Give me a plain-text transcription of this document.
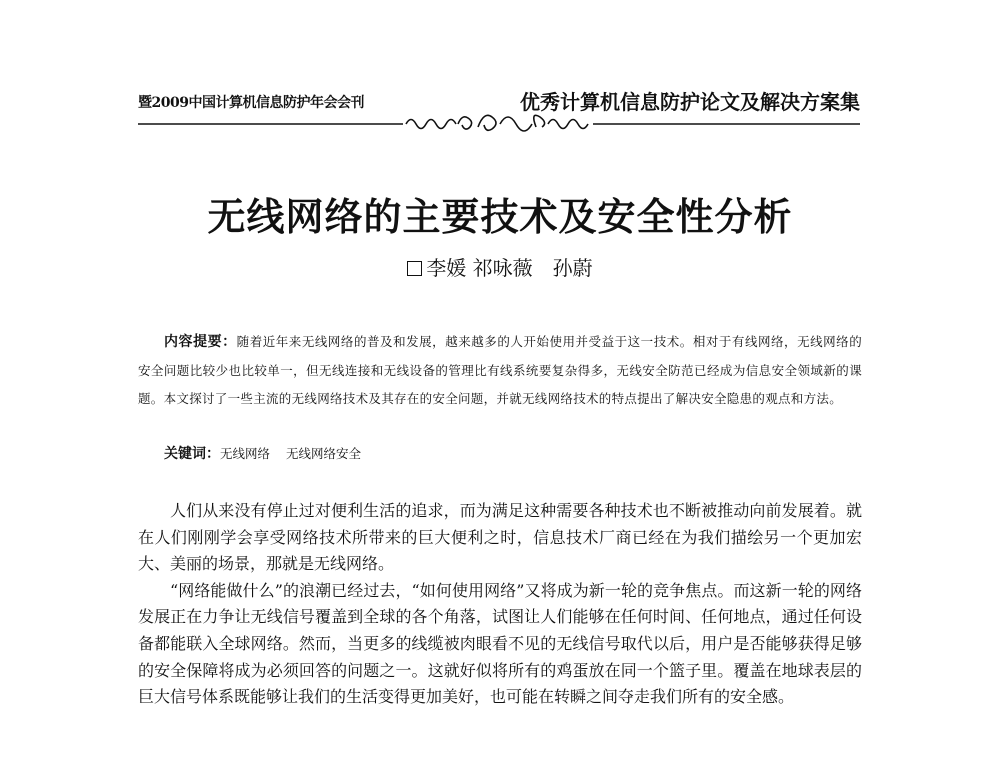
暨2009中国计算机信息防护年会会刊	优秀计算机信息防护论文及解决方案集
无线网络的主要技术及安全性分析
李媛 祁咏薇　孙蔚
内容提要：随着近年来无线网络的普及和发展，越来越多的人开始使用并受益于这一技术。相对于有线网络，无线网络的安全问题比较少也比较单一，但无线连接和无线设备的管理比有线系统要复杂得多，无线安全防范已经成为信息安全领域新的课题。本文探讨了一些主流的无线网络技术及其存在的安全问题，并就无线网络技术的特点提出了解决安全隐患的观点和方法。
关键词：无线网络 无线网络安全

人们从来没有停止过对便利生活的追求，而为满足这种需要各种技术也不断被推动向前发展着。就在人们刚刚学会享受网络技术所带来的巨大便利之时，信息技术厂商已经在为我们描绘另一个更加宏大、美丽的场景，那就是无线网络。

“网络能做什么”的浪潮已经过去，“如何使用网络”又将成为新一轮的竞争焦点。而这新一轮的网络发展正在力争让无线信号覆盖到全球的各个角落，试图让人们能够在任何时间、任何地点，通过任何设备都能联入全球网络。然而，当更多的线缆被肉眼看不见的无线信号取代以后，用户是否能够获得足够的安全保障将成为必须回答的问题之一。这就好似将所有的鸡蛋放在同一个篮子里。覆盖在地球表层的巨大信号体系既能够让我们的生活变得更加美好，也可能在转瞬之间夺走我们所有的安全感。
